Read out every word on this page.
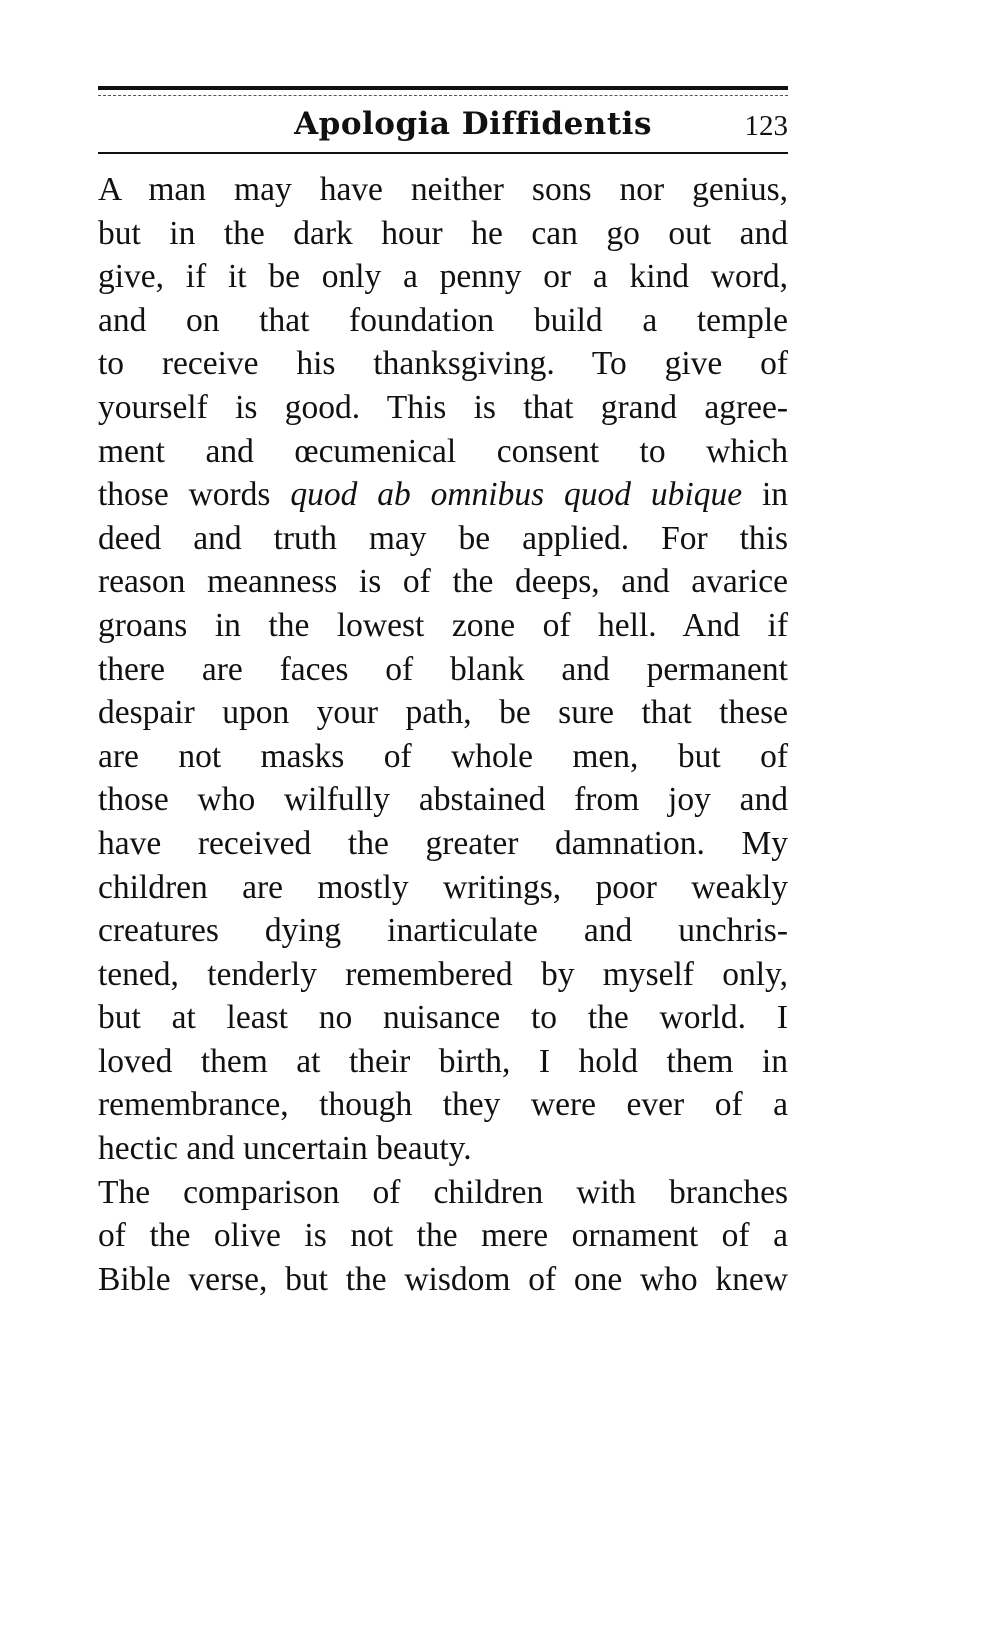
Apologia Diffidentis	123
A man may have neither sons nor genius,
but in the dark hour he can go out and
give, if it be only a penny or a kind word,
and on that foundation build a temple
to receive his thanksgiving. To give of
yourself is good. This is that grand agree-
ment and œcumenical consent to which
those words quod ab omnibus quod ubique in
deed and truth may be applied. For this
reason meanness is of the deeps, and avarice
groans in the lowest zone of hell. And if
there are faces of blank and permanent
despair upon your path, be sure that these
are not masks of whole men, but of
those who wilfully abstained from joy and
have received the greater damnation. My
children are mostly writings, poor weakly
creatures dying inarticulate and unchris-
tened, tenderly remembered by myself only,
but at least no nuisance to the world. I
loved them at their birth, I hold them in
remembrance, though they were ever of a
hectic and uncertain beauty.
The comparison of children with branches
of the olive is not the mere ornament of a
Bible verse, but the wisdom of one who knew
